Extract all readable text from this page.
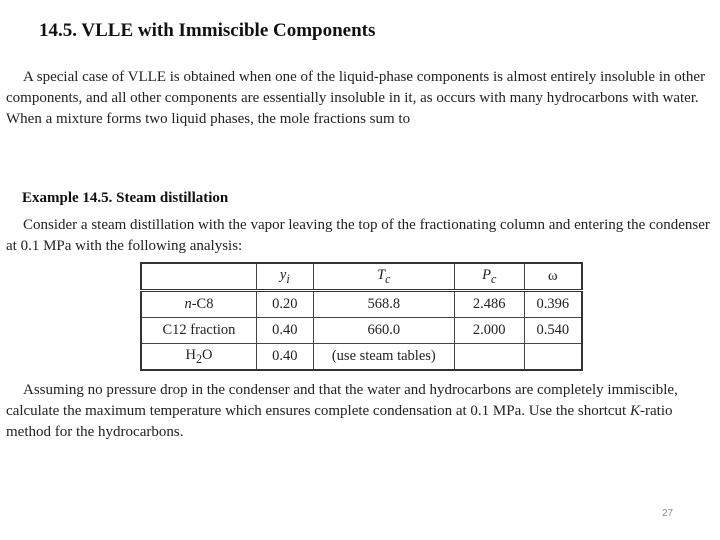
14.5. VLLE with Immiscible Components
A special case of VLLE is obtained when one of the liquid-phase components is almost entirely insoluble in other components, and all other components are essentially insoluble in it, as occurs with many hydrocarbons with water. When a mixture forms two liquid phases, the mole fractions sum to
Example 14.5. Steam distillation
Consider a steam distillation with the vapor leaving the top of the fractionating column and entering the condenser at 0.1 MPa with the following analysis:
	$y_i$	$T_c$	$P_c$	ω
n-C8	0.20	568.8	2.486	0.396
C12 fraction	0.40	660.0	2.000	0.540
$H_2O$	0.40	(use steam tables)		
Assuming no pressure drop in the condenser and that the water and hydrocarbons are completely immiscible, calculate the maximum temperature which ensures complete condensation at 0.1 MPa. Use the shortcut K-ratio method for the hydrocarbons.
27
